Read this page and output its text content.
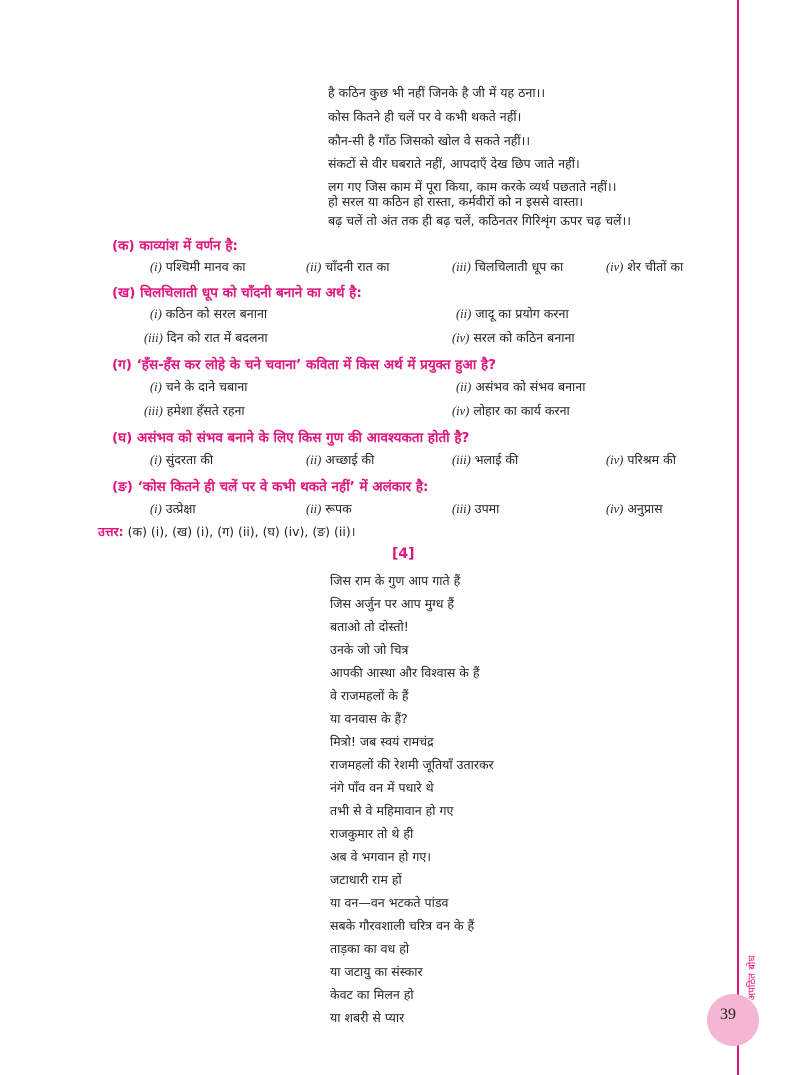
है कठिन कुछ भी नहीं जिनके है जी में यह ठना।।
कोस कितने ही चलें पर वे कभी थकते नहीं।
कौन-सी है गाँठ जिसको खोल वे सकते नहीं।।
संकटों से वीर घबराते नहीं, आपदाएँ देख छिप जाते नहीं।
लग गए जिस काम में पूरा किया, काम करके व्यर्थ पछताते नहीं।।
हो सरल या कठिन हो रास्ता, कर्मवीरों को न इससे वास्ता।
बढ़ चलें तो अंत तक ही बढ़ चलें, कठिनतर गिरिशृंग ऊपर चढ़ चलें।।
(क) काव्यांश में वर्णन है:
(i) पश्चिमी मानव का	(ii) चाँदनी रात का	(iii) चिलचिलाती धूप का	(iv) शेर चीतों का
(ख) चिलचिलाती धूप को चाँदनी बनाने का अर्थ है:
(i) कठिन को सरल बनाना	(ii) जादू का प्रयोग करना
(iii) दिन को रात में बदलना	(iv) सरल को कठिन बनाना
(ग) ‘हँस-हँस कर लोहे के चने चवाना’ कविता में किस अर्थ में प्रयुक्त हुआ है?
(i) चने के दाने चबाना	(ii) असंभव को संभव बनाना
(iii) हमेशा हँसते रहना	(iv) लोहार का कार्य करना
(घ) असंभव को संभव बनाने के लिए किस गुण की आवश्यकता होती है?
(i) सुंदरता की	(ii) अच्छाई की	(iii) भलाई की	(iv) परिश्रम की
(ङ) ‘कोस कितने ही चलें पर वे कभी थकते नहीं’ में अलंकार है:
(i) उत्प्रेक्षा	(ii) रूपक	(iii) उपमा	(iv) अनुप्रास
उत्तर: (क) (i), (ख) (i), (ग) (ii), (घ) (iv), (ङ) (ii)।
[4]
जिस राम के गुण आप गाते हैं
जिस अर्जुन पर आप मुग्ध हैं
बताओ तो दोस्तो!
उनके जो जो चित्र
आपकी आस्था और विश्वास के हैं
वे राजमहलों के हैं
या वनवास के हैं?
मित्रो! जब स्वयं रामचंद्र
राजमहलों की रेशमी जूतियाँ उतारकर
नंगे पाँव वन में पधारे थे
तभी से वे महिमावान हो गए
राजकुमार तो थे ही
अब वे भगवान हो गए।
जटाधारी राम हों
या वन—वन भटकते पांडव
सबके गौरवशाली चरित्र वन के हैं
ताड़का का वध हो
या जटायु का संस्कार
केवट का मिलन हो
या शबरी से प्यार
अपठित बोध
39
